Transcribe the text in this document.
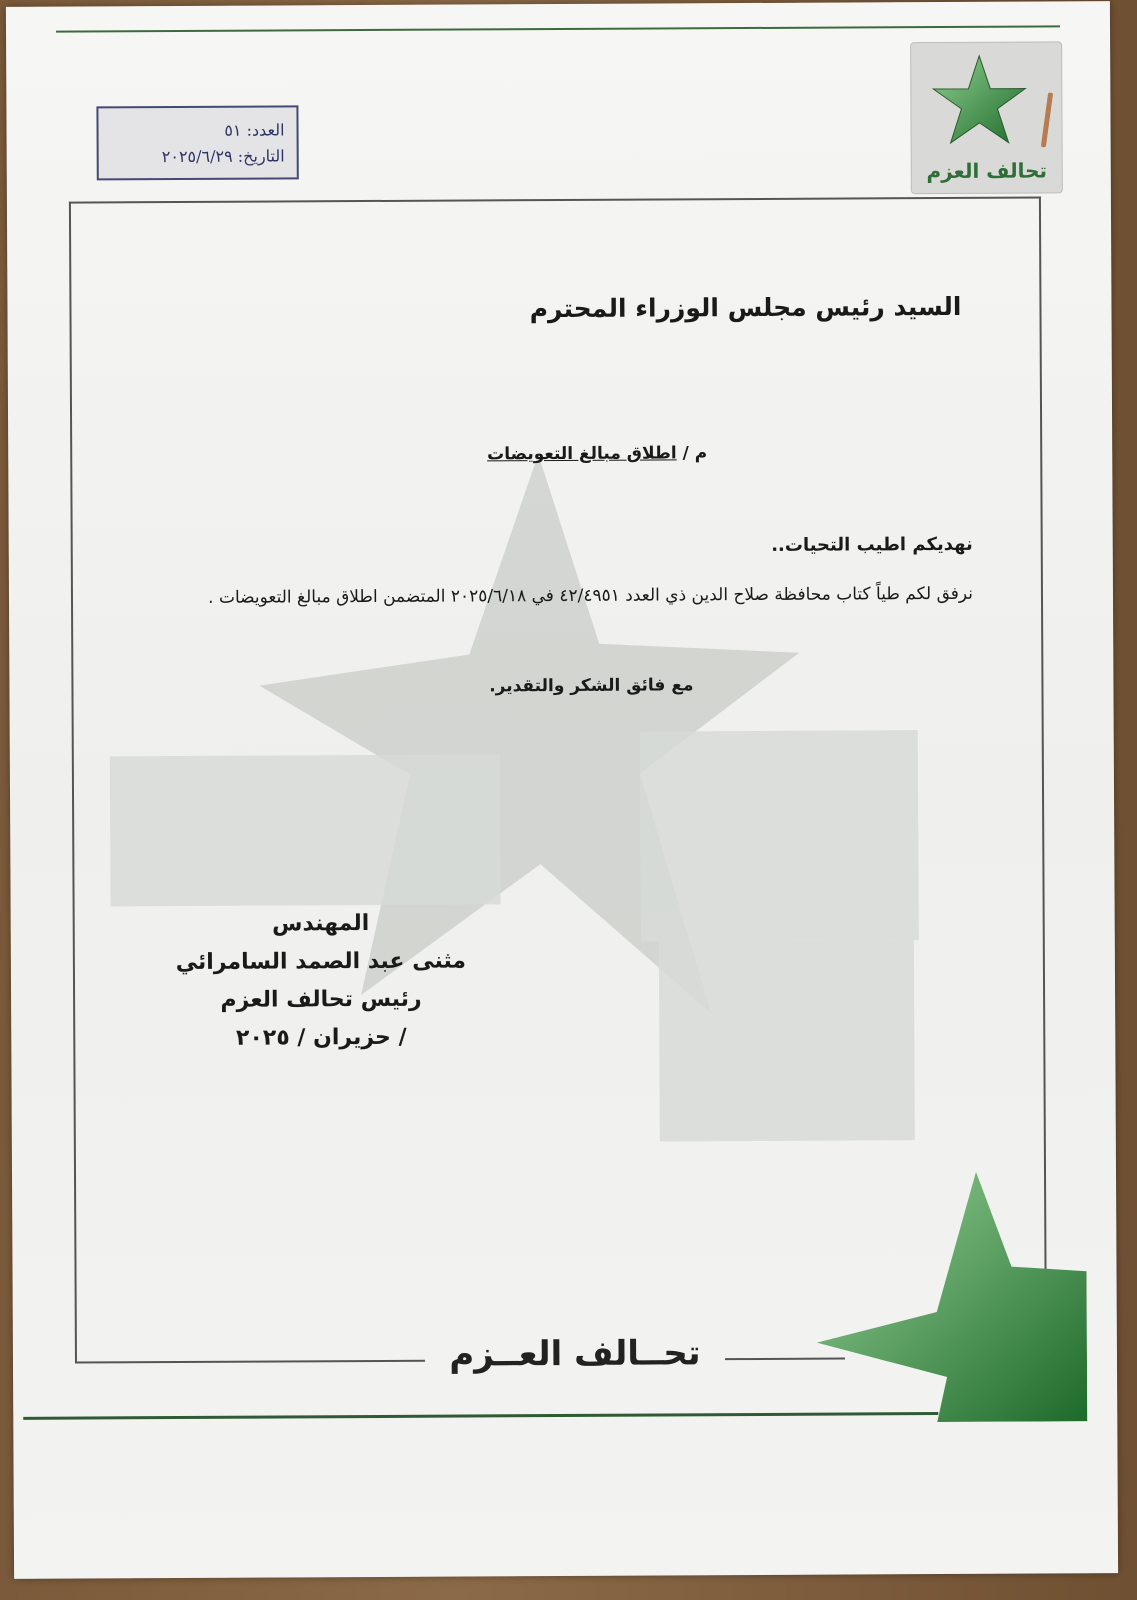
تحالف العزم
العدد: ٥١
التاريخ: ٢٠٢٥/٦/٢٩
السيد رئيس مجلس الوزراء المحترم
م / اطلاق مبالغ التعويضات
نهديكم اطيب التحيات..
نرفق لكم طياً كتاب محافظة صلاح الدين ذي العدد ٤٢/٤٩٥١ في ٢٠٢٥/٦/١٨ المتضمن اطلاق مبالغ التعويضات .
مع فائق الشكر والتقدير.
المهندس
مثنى عبد الصمد السامرائي
رئيس تحالف العزم
/ حزيران / ٢٠٢٥
تحــالف العــزم
